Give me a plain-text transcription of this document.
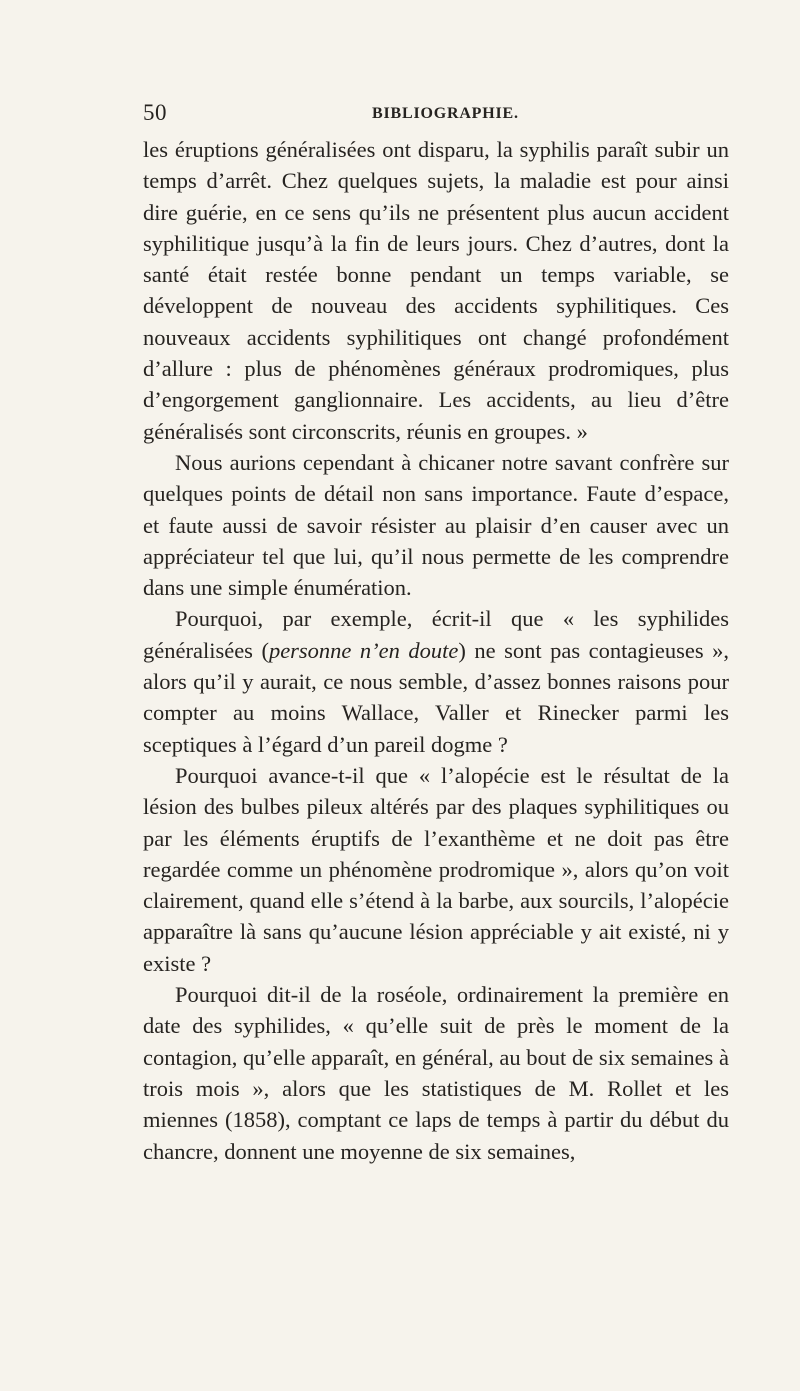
50	BIBLIOGRAPHIE.

les éruptions généralisées ont disparu, la syphilis paraît subir un temps d’arrêt. Chez quelques sujets, la maladie est pour ainsi dire guérie, en ce sens qu’ils ne présentent plus aucun accident syphilitique jusqu’à la fin de leurs jours. Chez d’autres, dont la santé était restée bonne pendant un temps variable, se développent de nouveau des accidents syphilitiques. Ces nouveaux accidents syphilitiques ont changé profondément d’allure : plus de phénomènes généraux prodromiques, plus d’engorgement ganglionnaire. Les accidents, au lieu d’être généralisés sont circonscrits, réunis en groupes. »

Nous aurions cependant à chicaner notre savant confrère sur quelques points de détail non sans importance. Faute d’espace, et faute aussi de savoir résister au plaisir d’en causer avec un appréciateur tel que lui, qu’il nous permette de les comprendre dans une simple énumération.

Pourquoi, par exemple, écrit-il que « les syphilides généralisées (personne n’en doute) ne sont pas contagieuses », alors qu’il y aurait, ce nous semble, d’assez bonnes raisons pour compter au moins Wallace, Valler et Rinecker parmi les sceptiques à l’égard d’un pareil dogme ?

Pourquoi avance-t-il que « l’alopécie est le résultat de la lésion des bulbes pileux altérés par des plaques syphilitiques ou par les éléments éruptifs de l’exanthème et ne doit pas être regardée comme un phénomène prodromique », alors qu’on voit clairement, quand elle s’étend à la barbe, aux sourcils, l’alopécie apparaître là sans qu’aucune lésion appréciable y ait existé, ni y existe ?

Pourquoi dit-il de la roséole, ordinairement la première en date des syphilides, « qu’elle suit de près le moment de la contagion, qu’elle apparaît, en général, au bout de six semaines à trois mois », alors que les statistiques de M. Rollet et les miennes (1858), comptant ce laps de temps à partir du début du chancre, donnent une moyenne de six semaines,
